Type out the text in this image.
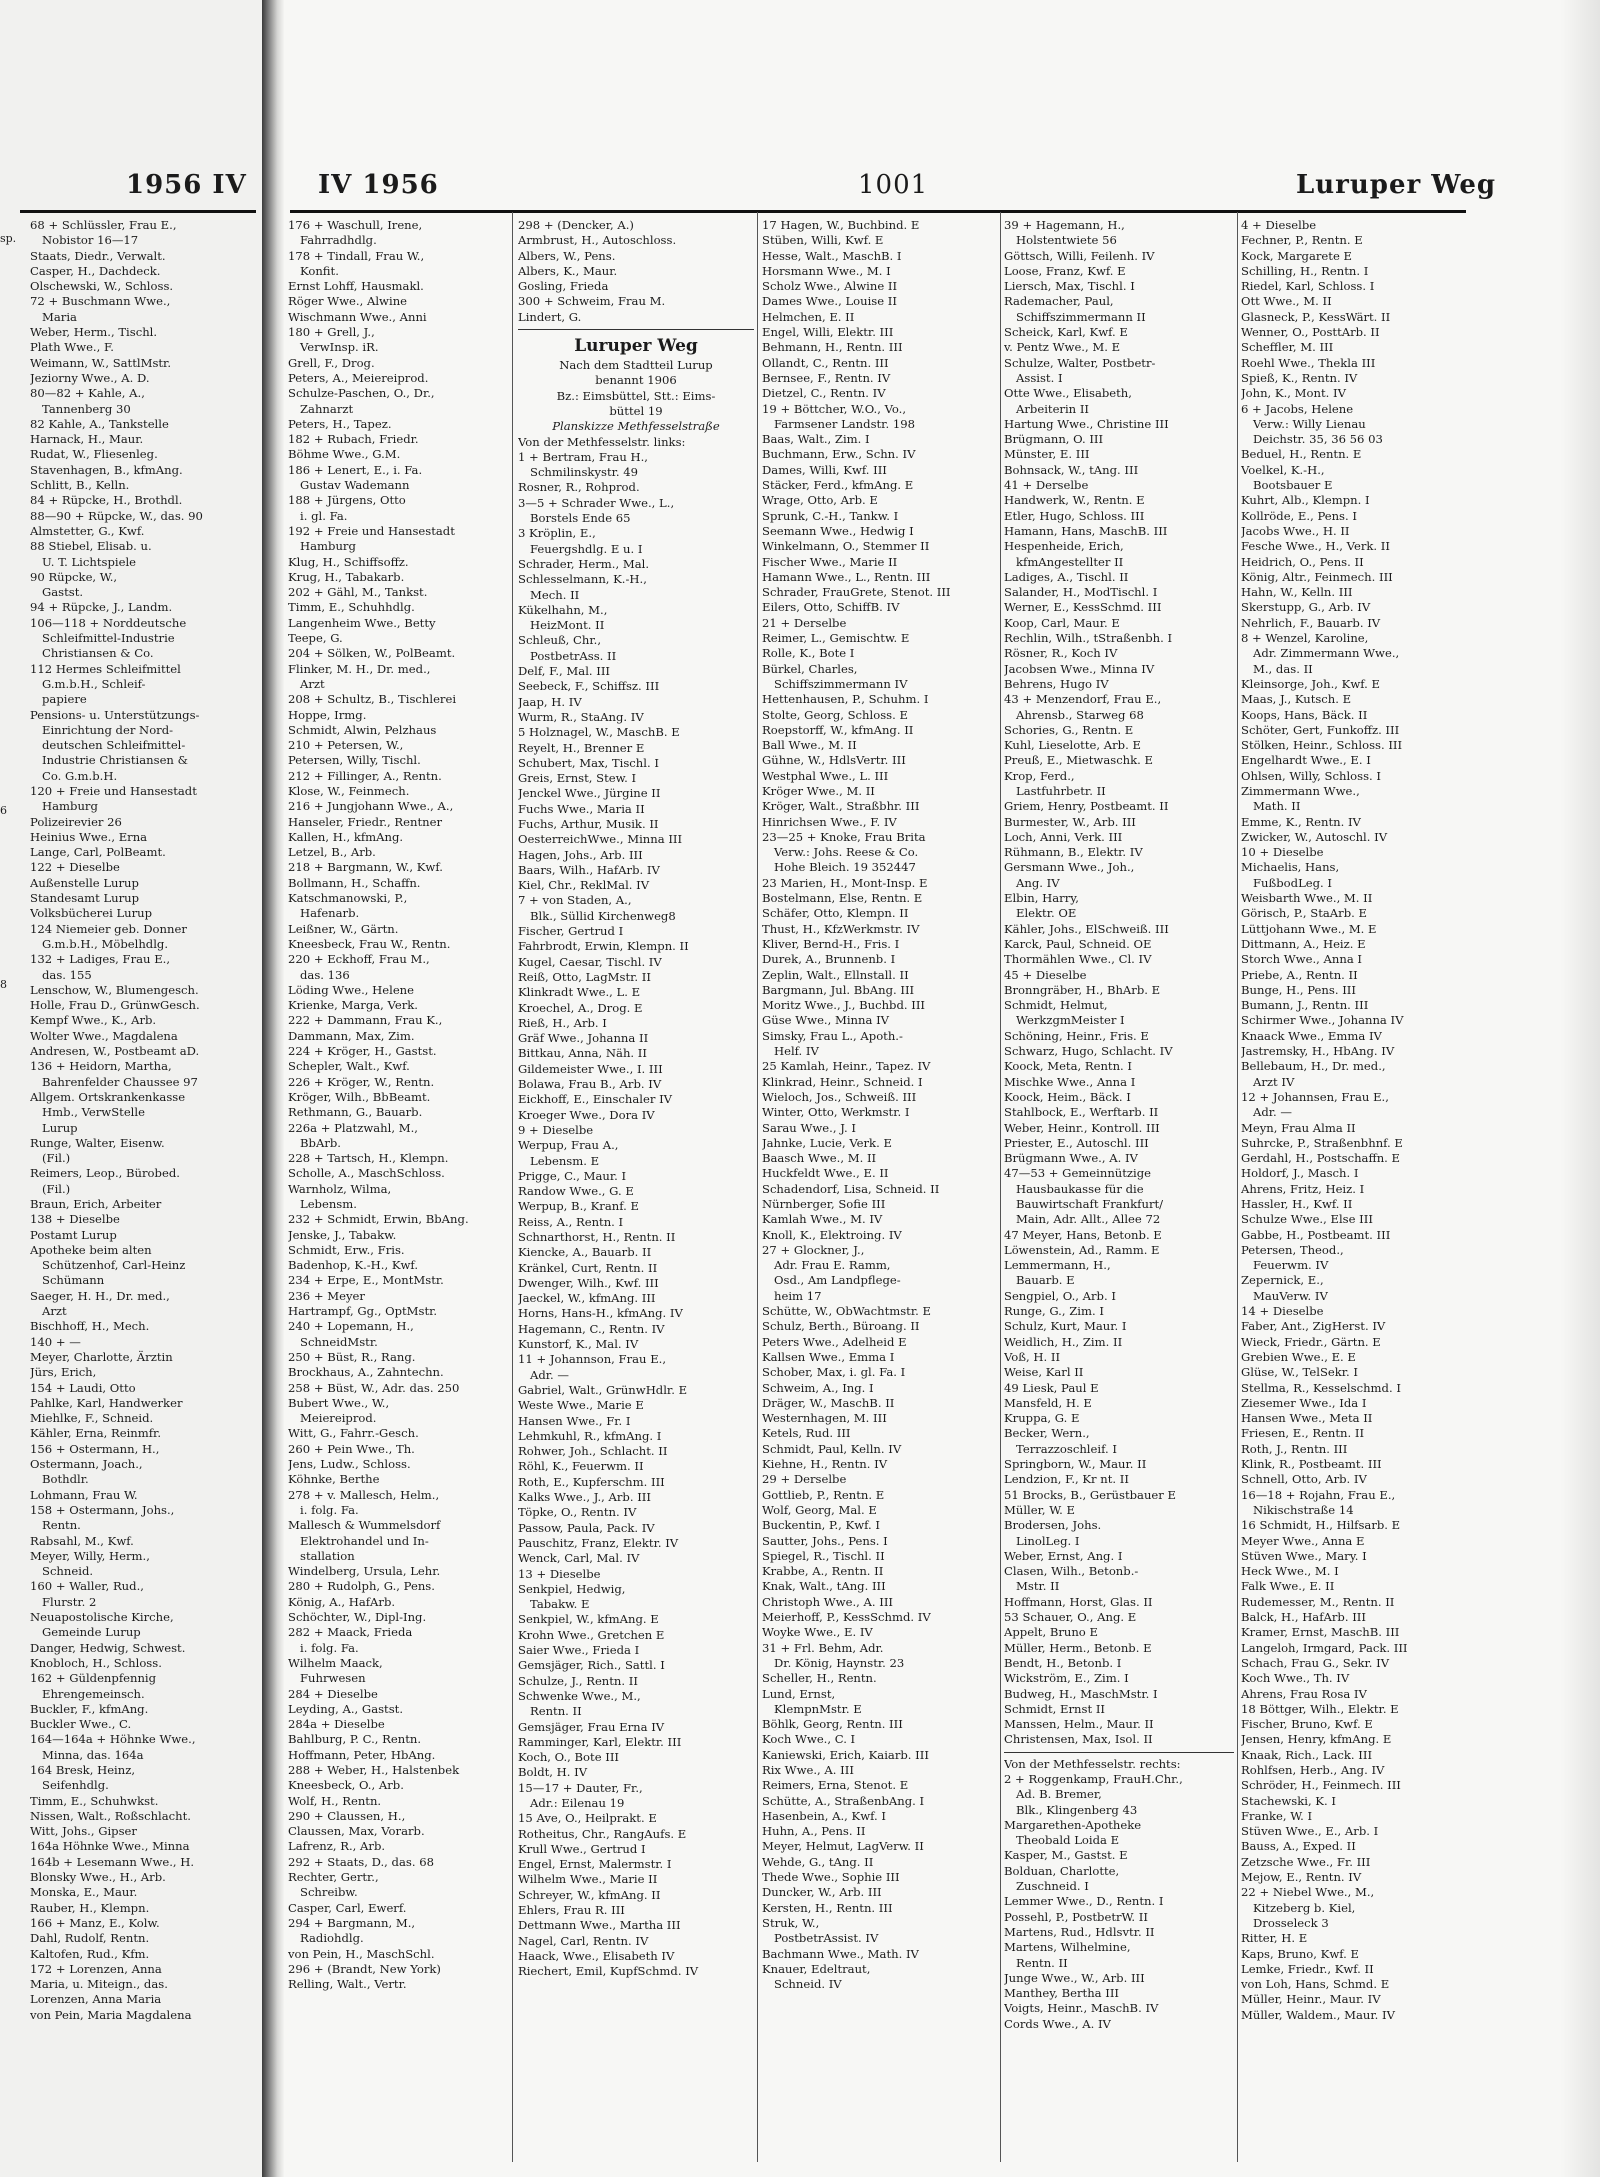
sp.
6
8
1956 IV	IV 1956	1001	Luruper Weg
68 + Schlüssler, Frau E.,
Nobistor 16—17
Staats, Diedr., Verwalt.
Casper, H., Dachdeck.
Olschewski, W., Schloss.
72 + Buschmann Wwe.,
Maria
Weber, Herm., Tischl.
Plath Wwe., F.
Weimann, W., SattlMstr.
Jeziorny Wwe., A. D.
80—82 + Kahle, A.,
Tannenberg 30
82 Kahle, A., Tankstelle
Harnack, H., Maur.
Rudat, W., Fliesenleg.
Stavenhagen, B., kfmAng.
Schlitt, B., Kelln.
84 + Rüpcke, H., Brothdl.
88—90 + Rüpcke, W., das. 90
Almstetter, G., Kwf.
88 Stiebel, Elisab. u.
U. T. Lichtspiele
90 Rüpcke, W.,
Gastst.
94 + Rüpcke, J., Landm.
106—118 + Norddeutsche
Schleifmittel-Industrie
Christiansen & Co.
112 Hermes Schleifmittel
G.m.b.H., Schleif-
papiere
Pensions- u. Unterstützungs-
Einrichtung der Nord-
deutschen Schleifmittel-
Industrie Christiansen &
Co. G.m.b.H.
120 + Freie und Hansestadt
Hamburg
Polizeirevier 26
Heinius Wwe., Erna
Lange, Carl, PolBeamt.
122 + Dieselbe
Außenstelle Lurup
Standesamt Lurup
Volksbücherei Lurup
124 Niemeier geb. Donner
G.m.b.H., Möbelhdlg.
132 + Ladiges, Frau E.,
das. 155
Lenschow, W., Blumengesch.
Holle, Frau D., GrünwGesch.
Kempf Wwe., K., Arb.
Wolter Wwe., Magdalena
Andresen, W., Postbeamt aD.
136 + Heidorn, Martha,
Bahrenfelder Chaussee 97
Allgem. Ortskrankenkasse
Hmb., VerwStelle
Lurup
Runge, Walter, Eisenw.
(Fil.)
Reimers, Leop., Bürobed.
(Fil.)
Braun, Erich, Arbeiter
138 + Dieselbe
Postamt Lurup
Apotheke beim alten
Schützenhof, Carl-Heinz
Schümann
Saeger, H. H., Dr. med.,
Arzt
Bischhoff, H., Mech.
140 + —
Meyer, Charlotte, Ärztin
Jürs, Erich,
154 + Laudi, Otto
Pahlke, Karl, Handwerker
Miehlke, F., Schneid.
Kähler, Erna, Reinmfr.
156 + Ostermann, H.,
Ostermann, Joach.,
Bothdlr.
Lohmann, Frau W.
158 + Ostermann, Johs.,
Rentn.
Rabsahl, M., Kwf.
Meyer, Willy, Herm.,
Schneid.
160 + Waller, Rud.,
Flurstr. 2
Neuapostolische Kirche,
Gemeinde Lurup
Danger, Hedwig, Schwest.
Knobloch, H., Schloss.
162 + Güldenpfennig
Ehrengemeinsch.
Buckler, F., kfmAng.
Buckler Wwe., C.
164—164a + Höhnke Wwe.,
Minna, das. 164a
164 Bresk, Heinz,
Seifenhdlg.
Timm, E., Schuhwkst.
Nissen, Walt., Roßschlacht.
Witt, Johs., Gipser
164a Höhnke Wwe., Minna
164b + Lesemann Wwe., H.
Blonsky Wwe., H., Arb.
Monska, E., Maur.
Rauber, H., Klempn.
166 + Manz, E., Kolw.
Dahl, Rudolf, Rentn.
Kaltofen, Rud., Kfm.
172 + Lorenzen, Anna
Maria, u. Miteign., das.
Lorenzen, Anna Maria
von Pein, Maria Magdalena
176 + Waschull, Irene,
Fahrradhdlg.
178 + Tindall, Frau W.,
Konfit.
Ernst Lohff, Hausmakl.
Röger Wwe., Alwine
Wischmann Wwe., Anni
180 + Grell, J.,
VerwInsp. iR.
Grell, F., Drog.
Peters, A., Meiereiprod.
Schulze-Paschen, O., Dr.,
Zahnarzt
Peters, H., Tapez.
182 + Rubach, Friedr.
Böhme Wwe., G.M.
186 + Lenert, E., i. Fa.
Gustav Wademann
188 + Jürgens, Otto
i. gl. Fa.
192 + Freie und Hansestadt
Hamburg
Klug, H., Schiffsoffz.
Krug, H., Tabakarb.
202 + Gähl, M., Tankst.
Timm, E., Schuhhdlg.
Langenheim Wwe., Betty
Teepe, G.
204 + Sölken, W., PolBeamt.
Flinker, M. H., Dr. med.,
Arzt
208 + Schultz, B., Tischlerei
Hoppe, Irmg.
Schmidt, Alwin, Pelzhaus
210 + Petersen, W.,
Petersen, Willy, Tischl.
212 + Fillinger, A., Rentn.
Klose, W., Feinmech.
216 + Jungjohann Wwe., A.,
Hanseler, Friedr., Rentner
Kallen, H., kfmAng.
Letzel, B., Arb.
218 + Bargmann, W., Kwf.
Bollmann, H., Schaffn.
Katschmanowski, P.,
Hafenarb.
Leißner, W., Gärtn.
Kneesbeck, Frau W., Rentn.
220 + Eckhoff, Frau M.,
das. 136
Löding Wwe., Helene
Krienke, Marga, Verk.
222 + Dammann, Frau K.,
Dammann, Max, Zim.
224 + Kröger, H., Gastst.
Schepler, Walt., Kwf.
226 + Kröger, W., Rentn.
Kröger, Wilh., BbBeamt.
Rethmann, G., Bauarb.
226a + Platzwahl, M.,
BbArb.
228 + Tartsch, H., Klempn.
Scholle, A., MaschSchloss.
Warnholz, Wilma,
Lebensm.
232 + Schmidt, Erwin, BbAng.
Jenske, J., Tabakw.
Schmidt, Erw., Fris.
Badenhop, K.-H., Kwf.
234 + Erpe, E., MontMstr.
236 + Meyer
Hartrampf, Gg., OptMstr.
240 + Lopemann, H.,
SchneidMstr.
250 + Büst, R., Rang.
Brockhaus, A., Zahntechn.
258 + Büst, W., Adr. das. 250
Bubert Wwe., W.,
Meiereiprod.
Witt, G., Fahrr.-Gesch.
260 + Pein Wwe., Th.
Jens, Ludw., Schloss.
Köhnke, Berthe
278 + v. Mallesch, Helm.,
i. folg. Fa.
Mallesch & Wummelsdorf
Elektrohandel und In-
stallation
Windelberg, Ursula, Lehr.
280 + Rudolph, G., Pens.
König, A., HafArb.
Schöchter, W., Dipl-Ing.
282 + Maack, Frieda
i. folg. Fa.
Wilhelm Maack,
Fuhrwesen
284 + Dieselbe
Leyding, A., Gastst.
284a + Dieselbe
Bahlburg, P. C., Rentn.
Hoffmann, Peter, HbAng.
288 + Weber, H., Halstenbek
Kneesbeck, O., Arb.
Wolf, H., Rentn.
290 + Claussen, H.,
Claussen, Max, Vorarb.
Lafrenz, R., Arb.
292 + Staats, D., das. 68
Rechter, Gertr.,
Schreibw.
Casper, Carl, Ewerf.
294 + Bargmann, M.,
Radiohdlg.
von Pein, H., MaschSchl.
296 + (Brandt, New York)
Relling, Walt., Vertr.
298 + (Dencker, A.)
Armbrust, H., Autoschloss.
Albers, W., Pens.
Albers, K., Maur.
Gosling, Frieda
300 + Schweim, Frau M.
Lindert, G.
Luruper Weg
Nach dem Stadtteil Lurup
benannt 1906
Bz.: Eimsbüttel, Stt.: Eims-
büttel 19
Planskizze Methfesselstraße
Von der Methfesselstr. links:
1 + Bertram, Frau H.,
Schmilinskystr. 49
Rosner, R., Rohprod.
3—5 + Schrader Wwe., L.,
Borstels Ende 65
3 Kröplin, E.,
Feuergshdlg. E u. I
Schrader, Herm., Mal.
Schlesselmann, K.-H.,
Mech. II
Kükelhahn, M.,
HeizMont. II
Schleuß, Chr.,
PostbetrAss. II
Delf, F., Mal. III
Seebeck, F., Schiffsz. III
Jaap, H. IV
Wurm, R., StaAng. IV
5 Holznagel, W., MaschB. E
Reyelt, H., Brenner E
Schubert, Max, Tischl. I
Greis, Ernst, Stew. I
Jenckel Wwe., Jürgine II
Fuchs Wwe., Maria II
Fuchs, Arthur, Musik. II
OesterreichWwe., Minna III
Hagen, Johs., Arb. III
Baars, Wilh., HafArb. IV
Kiel, Chr., ReklMal. IV
7 + von Staden, A.,
Blk., Süllid Kirchenweg8
Fischer, Gertrud I
Fahrbrodt, Erwin, Klempn. II
Kugel, Caesar, Tischl. IV
Reiß, Otto, LagMstr. II
Klinkradt Wwe., L. E
Kroechel, A., Drog. E
Rieß, H., Arb. I
Gräf Wwe., Johanna II
Bittkau, Anna, Näh. II
Gildemeister Wwe., I. III
Bolawa, Frau B., Arb. IV
Eickhoff, E., Einschaler IV
Kroeger Wwe., Dora IV
9 + Dieselbe
Werpup, Frau A.,
Lebensm. E
Prigge, C., Maur. I
Randow Wwe., G. E
Werpup, B., Kranf. E
Reiss, A., Rentn. I
Schnarthorst, H., Rentn. II
Kiencke, A., Bauarb. II
Kränkel, Curt, Rentn. II
Dwenger, Wilh., Kwf. III
Jaeckel, W., kfmAng. III
Horns, Hans-H., kfmAng. IV
Hagemann, C., Rentn. IV
Kunstorf, K., Mal. IV
11 + Johannson, Frau E.,
Adr. —
Gabriel, Walt., GrünwHdlr. E
Weste Wwe., Marie E
Hansen Wwe., Fr. I
Lehmkuhl, R., kfmAng. I
Rohwer, Joh., Schlacht. II
Röhl, K., Feuerwm. II
Roth, E., Kupferschm. III
Kalks Wwe., J., Arb. III
Töpke, O., Rentn. IV
Passow, Paula, Pack. IV
Pauschitz, Franz, Elektr. IV
Wenck, Carl, Mal. IV
13 + Dieselbe
Senkpiel, Hedwig,
Tabakw. E
Senkpiel, W., kfmAng. E
Krohn Wwe., Gretchen E
Saier Wwe., Frieda I
Gemsjäger, Rich., Sattl. I
Schulze, J., Rentn. II
Schwenke Wwe., M.,
Rentn. II
Gemsjäger, Frau Erna IV
Ramminger, Karl, Elektr. III
Koch, O., Bote III
Boldt, H. IV
15—17 + Dauter, Fr.,
Adr.: Eilenau 19
15 Ave, O., Heilprakt. E
Rotheitus, Chr., RangAufs. E
Krull Wwe., Gertrud I
Engel, Ernst, Malermstr. I
Wilhelm Wwe., Marie II
Schreyer, W., kfmAng. II
Ehlers, Frau R. III
Dettmann Wwe., Martha III
Nagel, Carl, Rentn. IV
Haack, Wwe., Elisabeth IV
Riechert, Emil, KupfSchmd. IV
17 Hagen, W., Buchbind. E
Stüben, Willi, Kwf. E
Hesse, Walt., MaschB. I
Horsmann Wwe., M. I
Scholz Wwe., Alwine II
Dames Wwe., Louise II
Helmchen, E. II
Engel, Willi, Elektr. III
Behmann, H., Rentn. III
Ollandt, C., Rentn. III
Bernsee, F., Rentn. IV
Dietzel, C., Rentn. IV
19 + Böttcher, W.O., Vo.,
Farmsener Landstr. 198
Baas, Walt., Zim. I
Buchmann, Erw., Schn. IV
Dames, Willi, Kwf. III
Stäcker, Ferd., kfmAng. E
Wrage, Otto, Arb. E
Sprunk, C.-H., Tankw. I
Seemann Wwe., Hedwig I
Winkelmann, O., Stemmer II
Fischer Wwe., Marie II
Hamann Wwe., L., Rentn. III
Schrader, FrauGrete, Stenot. III
Eilers, Otto, SchiffB. IV
21 + Derselbe
Reimer, L., Gemischtw. E
Rolle, K., Bote I
Bürkel, Charles,
Schiffszimmermann IV
Hettenhausen, P., Schuhm. I
Stolte, Georg, Schloss. E
Roepstorff, W., kfmAng. II
Ball Wwe., M. II
Gühne, W., HdlsVertr. III
Westphal Wwe., L. III
Kröger Wwe., M. II
Kröger, Walt., Straßbhr. III
Hinrichsen Wwe., F. IV
23—25 + Knoke, Frau Brita
Verw.: Johs. Reese & Co.
Hohe Bleich. 19 352447
23 Marien, H., Mont-Insp. E
Bostelmann, Else, Rentn. E
Schäfer, Otto, Klempn. II
Thust, H., KfzWerkmstr. IV
Kliver, Bernd-H., Fris. I
Durek, A., Brunnenb. I
Zeplin, Walt., Ellnstall. II
Bargmann, Jul. BbAng. III
Moritz Wwe., J., Buchbd. III
Güse Wwe., Minna IV
Simsky, Frau L., Apoth.-
Helf. IV
25 Kamlah, Heinr., Tapez. IV
Klinkrad, Heinr., Schneid. I
Wieloch, Jos., Schweiß. III
Winter, Otto, Werkmstr. I
Sarau Wwe., J. I
Jahnke, Lucie, Verk. E
Baasch Wwe., M. II
Huckfeldt Wwe., E. II
Schadendorf, Lisa, Schneid. II
Nürnberger, Sofie III
Kamlah Wwe., M. IV
Knoll, K., Elektroing. IV
27 + Glockner, J.,
Adr. Frau E. Ramm,
Osd., Am Landpflege-
heim 17
Schütte, W., ObWachtmstr. E
Schulz, Berth., Büroang. II
Peters Wwe., Adelheid E
Kallsen Wwe., Emma I
Schober, Max, i. gl. Fa. I
Schweim, A., Ing. I
Dräger, W., MaschB. II
Westernhagen, M. III
Ketels, Rud. III
Schmidt, Paul, Kelln. IV
Kiehne, H., Rentn. IV
29 + Derselbe
Gottlieb, P., Rentn. E
Wolf, Georg, Mal. E
Buckentin, P., Kwf. I
Sautter, Johs., Pens. I
Spiegel, R., Tischl. II
Krabbe, A., Rentn. II
Knak, Walt., tAng. III
Christoph Wwe., A. III
Meierhoff, P., KessSchmd. IV
Woyke Wwe., E. IV
31 + Frl. Behm, Adr.
Dr. König, Haynstr. 23
Scheller, H., Rentn.
Lund, Ernst,
KlempnMstr. E
Böhlk, Georg, Rentn. III
Koch Wwe., C. I
Kaniewski, Erich, Kaiarb. III
Rix Wwe., A. III
Reimers, Erna, Stenot. E
Schütte, A., StraßenbAng. I
Hasenbein, A., Kwf. I
Huhn, A., Pens. II
Meyer, Helmut, LagVerw. II
Wehde, G., tAng. II
Thede Wwe., Sophie III
Duncker, W., Arb. III
Kersten, H., Rentn. III
Struk, W.,
PostbetrAssist. IV
Bachmann Wwe., Math. IV
Knauer, Edeltraut,
Schneid. IV
39 + Hagemann, H.,
Holstentwiete 56
Göttsch, Willi, Feilenh. IV
Loose, Franz, Kwf. E
Liersch, Max, Tischl. I
Rademacher, Paul,
Schiffszimmermann II
Scheick, Karl, Kwf. E
v. Pentz Wwe., M. E
Schulze, Walter, Postbetr-
Assist. I
Otte Wwe., Elisabeth,
Arbeiterin II
Hartung Wwe., Christine III
Brügmann, O. III
Münster, E. III
Bohnsack, W., tAng. III
41 + Derselbe
Handwerk, W., Rentn. E
Etler, Hugo, Schloss. III
Hamann, Hans, MaschB. III
Hespenheide, Erich,
kfmAngestellter II
Ladiges, A., Tischl. II
Salander, H., ModTischl. I
Werner, E., KessSchmd. III
Koop, Carl, Maur. E
Rechlin, Wilh., tStraßenbh. I
Rösner, R., Koch IV
Jacobsen Wwe., Minna IV
Behrens, Hugo IV
43 + Menzendorf, Frau E.,
Ahrensb., Starweg 68
Schories, G., Rentn. E
Kuhl, Lieselotte, Arb. E
Preuß, E., Mietwaschk. E
Krop, Ferd.,
Lastfuhrbetr. II
Griem, Henry, Postbeamt. II
Burmester, W., Arb. III
Loch, Anni, Verk. III
Rühmann, B., Elektr. IV
Gersmann Wwe., Joh.,
Ang. IV
Elbin, Harry,
Elektr. OE
Kähler, Johs., ElSchweiß. III
Karck, Paul, Schneid. OE
Thormählen Wwe., Cl. IV
45 + Dieselbe
Bronngräber, H., BhArb. E
Schmidt, Helmut,
WerkzgmMeister I
Schöning, Heinr., Fris. E
Schwarz, Hugo, Schlacht. IV
Koock, Meta, Rentn. I
Mischke Wwe., Anna I
Koock, Heim., Bäck. I
Stahlbock, E., Werftarb. II
Weber, Heinr., Kontroll. III
Priester, E., Autoschl. III
Brügmann Wwe., A. IV
47—53 + Gemeinnützige
Hausbaukasse für die
Bauwirtschaft Frankfurt/
Main, Adr. Allt., Allee 72
47 Meyer, Hans, Betonb. E
Löwenstein, Ad., Ramm. E
Lemmermann, H.,
Bauarb. E
Sengpiel, O., Arb. I
Runge, G., Zim. I
Schulz, Kurt, Maur. I
Weidlich, H., Zim. II
Voß, H. II
Weise, Karl II
49 Liesk, Paul E
Mansfeld, H. E
Kruppa, G. E
Becker, Wern.,
Terrazzoschleif. I
Springborn, W., Maur. II
Lendzion, F., Kr nt. II
51 Brocks, B., Gerüstbauer E
Müller, W. E
Brodersen, Johs.
LinolLeg. I
Weber, Ernst, Ang. I
Clasen, Wilh., Betonb.-
Mstr. II
Hoffmann, Horst, Glas. II
53 Schauer, O., Ang. E
Appelt, Bruno E
Müller, Herm., Betonb. E
Bendt, H., Betonb. I
Wickström, E., Zim. I
Budweg, H., MaschMstr. I
Schmidt, Ernst II
Manssen, Helm., Maur. II
Christensen, Max, Isol. II
Von der Methfesselstr. rechts:
2 + Roggenkamp, FrauH.Chr.,
Ad. B. Bremer,
Blk., Klingenberg 43
Margarethen-Apotheke
Theobald Loida E
Kasper, M., Gastst. E
Bolduan, Charlotte,
Zuschneid. I
Lemmer Wwe., D., Rentn. I
Possehl, P., PostbetrW. II
Martens, Rud., Hdlsvtr. II
Martens, Wilhelmine,
Rentn. II
Junge Wwe., W., Arb. III
Manthey, Bertha III
Voigts, Heinr., MaschB. IV
Cords Wwe., A. IV
4 + Dieselbe
Fechner, P., Rentn. E
Kock, Margarete E
Schilling, H., Rentn. I
Riedel, Karl, Schloss. I
Ott Wwe., M. II
Glasneck, P., KessWärt. II
Wenner, O., PosttArb. II
Scheffler, M. III
Roehl Wwe., Thekla III
Spieß, K., Rentn. IV
John, K., Mont. IV
6 + Jacobs, Helene
Verw.: Willy Lienau
Deichstr. 35, 36 56 03
Beduel, H., Rentn. E
Voelkel, K.-H.,
Bootsbauer E
Kuhrt, Alb., Klempn. I
Kollröde, E., Pens. I
Jacobs Wwe., H. II
Fesche Wwe., H., Verk. II
Heidrich, O., Pens. II
König, Altr., Feinmech. III
Hahn, W., Kelln. III
Skerstupp, G., Arb. IV
Nehrlich, F., Bauarb. IV
8 + Wenzel, Karoline,
Adr. Zimmermann Wwe.,
M., das. II
Kleinsorge, Joh., Kwf. E
Maas, J., Kutsch. E
Koops, Hans, Bäck. II
Schöter, Gert, Funkoffz. III
Stölken, Heinr., Schloss. III
Engelhardt Wwe., E. I
Ohlsen, Willy, Schloss. I
Zimmermann Wwe.,
Math. II
Emme, K., Rentn. IV
Zwicker, W., Autoschl. IV
10 + Dieselbe
Michaelis, Hans,
FußbodLeg. I
Weisbarth Wwe., M. II
Görisch, P., StaArb. E
Lüttjohann Wwe., M. E
Dittmann, A., Heiz. E
Storch Wwe., Anna I
Priebe, A., Rentn. II
Bunge, H., Pens. III
Bumann, J., Rentn. III
Schirmer Wwe., Johanna IV
Knaack Wwe., Emma IV
Jastremsky, H., HbAng. IV
Bellebaum, H., Dr. med.,
Arzt IV
12 + Johannsen, Frau E.,
Adr. —
Meyn, Frau Alma II
Suhrcke, P., Straßenbhnf. E
Gerdahl, H., Postschaffn. E
Holdorf, J., Masch. I
Ahrens, Fritz, Heiz. I
Hassler, H., Kwf. II
Schulze Wwe., Else III
Gabbe, H., Postbeamt. III
Petersen, Theod.,
Feuerwm. IV
Zepernick, E.,
MauVerw. IV
14 + Dieselbe
Faber, Ant., ZigHerst. IV
Wieck, Friedr., Gärtn. E
Grebien Wwe., E. E
Glüse, W., TelSekr. I
Stellma, R., Kesselschmd. I
Ziesemer Wwe., Ida I
Hansen Wwe., Meta II
Friesen, E., Rentn. II
Roth, J., Rentn. III
Klink, R., Postbeamt. III
Schnell, Otto, Arb. IV
16—18 + Rojahn, Frau E.,
Nikischstraße 14
16 Schmidt, H., Hilfsarb. E
Meyer Wwe., Anna E
Stüven Wwe., Mary. I
Heck Wwe., M. I
Falk Wwe., E. II
Rudemesser, M., Rentn. II
Balck, H., HafArb. III
Kramer, Ernst, MaschB. III
Langeloh, Irmgard, Pack. III
Schach, Frau G., Sekr. IV
Koch Wwe., Th. IV
Ahrens, Frau Rosa IV
18 Böttger, Wilh., Elektr. E
Fischer, Bruno, Kwf. E
Jensen, Henry, kfmAng. E
Knaak, Rich., Lack. III
Rohlfsen, Herb., Ang. IV
Schröder, H., Feinmech. III
Stachewski, K. I
Franke, W. I
Stüven Wwe., E., Arb. I
Bauss, A., Exped. II
Zetzsche Wwe., Fr. III
Mejow, E., Rentn. IV
22 + Niebel Wwe., M.,
Kitzeberg b. Kiel,
Drosseleck 3
Ritter, H. E
Kaps, Bruno, Kwf. E
Lemke, Friedr., Kwf. II
von Loh, Hans, Schmd. E
Müller, Heinr., Maur. IV
Müller, Waldem., Maur. IV
